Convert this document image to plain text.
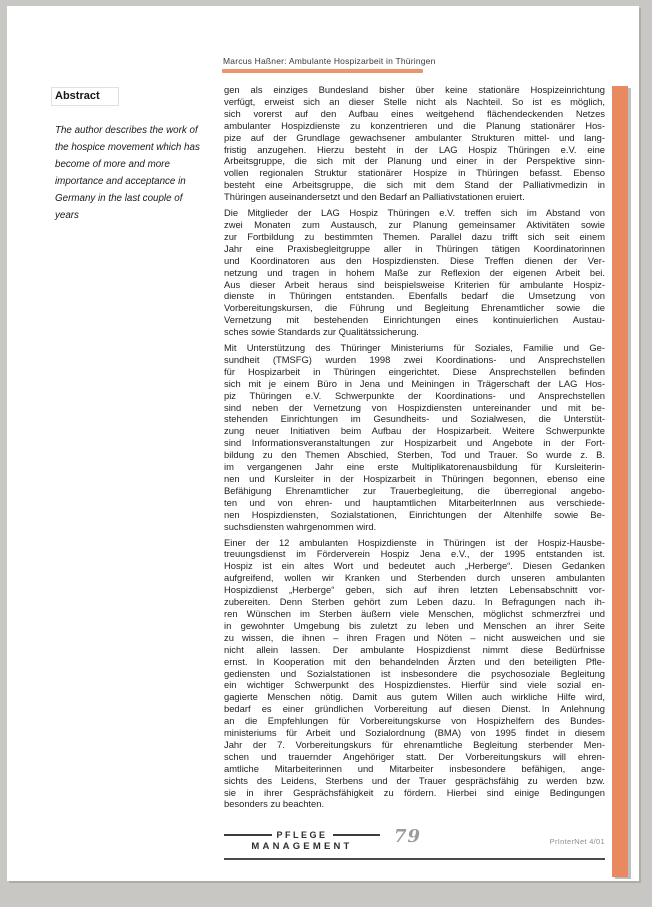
Marcus Haßner: Ambulante Hospizarbeit in Thüringen
Abstract

The author describes the work of the hospice movement which has become of more and more importance and acceptance in Germany in the last couple of years

gen als einziges Bundesland bisher über keine stationäre Hospizeinrichtung
verfügt, erweist sich an dieser Stelle nicht als Nachteil. So ist es möglich,
sich vorerst auf den Aufbau eines weitgehend flächendeckenden Netzes
ambulanter Hospizdienste zu konzentrieren und die Planung stationärer Hos-
pize auf der Grundlage gewachsener ambulanter Strukturen mittel- und lang-
fristig anzugehen. Hierzu besteht in der LAG Hospiz Thüringen e.V. eine
Arbeitsgruppe, die sich mit der Planung und einer in der Perspektive sinn-
vollen regionalen Struktur stationärer Hospize in Thüringen befasst. Ebenso
besteht eine Arbeitsgruppe, die sich mit dem Stand der Palliativmedizin in
Thüringen auseinandersetzt und den Bedarf an Palliativstationen eruiert.
Die Mitglieder der LAG Hospiz Thüringen e.V. treffen sich im Abstand von
zwei Monaten zum Austausch, zur Planung gemeinsamer Aktivitäten sowie
zur Fortbildung zu bestimmten Themen. Parallel dazu trifft sich seit einem
Jahr eine Praxisbegleitgruppe aller in Thüringen tätigen Koordinatorinnen
und Koordinatoren aus den Hospizdiensten. Diese Treffen dienen der Ver-
netzung und tragen in hohem Maße zur Reflexion der eigenen Arbeit bei.
Aus dieser Arbeit heraus sind beispielsweise Kriterien für ambulante Hospiz-
dienste in Thüringen entstanden. Ebenfalls bedarf die Umsetzung von
Vorbereitungskursen, die Führung und Begleitung Ehrenamtlicher sowie die
Vernetzung mit bestehenden Einrichtungen eines kontinuierlichen Austau-
sches sowie Standards zur Qualitätssicherung.
Mit Unterstützung des Thüringer Ministeriums für Soziales, Familie und Ge-
sundheit (TMSFG) wurden 1998 zwei Koordinations- und Ansprechstellen
für Hospizarbeit in Thüringen eingerichtet. Diese Ansprechstellen befinden
sich mit je einem Büro in Jena und Meiningen in Trägerschaft der LAG Hos-
piz Thüringen e.V. Schwerpunkte der Koordinations- und Ansprechstellen
sind neben der Vernetzung von Hospizdiensten untereinander und mit be-
stehenden Einrichtungen im Gesundheits- und Sozialwesen, die Unterstüt-
zung neuer Initiativen beim Aufbau der Hospizarbeit. Weitere Schwerpunkte
sind Informationsveranstaltungen zur Hospizarbeit und Angebote in der Fort-
bildung zu den Themen Abschied, Sterben, Tod und Trauer. So wurde z. B.
im vergangenen Jahr eine erste Multiplikatorenausbildung für Kursleiterin-
nen und Kursleiter in der Hospizarbeit in Thüringen begonnen, ebenso eine
Befähigung Ehrenamtlicher zur Trauerbegleitung, die überregional angebo-
ten und von ehren- und hauptamtlichen MitarbeiterInnen aus verschiede-
nen Hospizdiensten, Sozialstationen, Einrichtungen der Altenhilfe sowie Be-
suchsdiensten wahrgenommen wird.
Einer der 12 ambulanten Hospizdienste in Thüringen ist der Hospiz-Hausbe-
treuungsdienst im Förderverein Hospiz Jena e.V., der 1995 entstanden ist.
Hospiz ist ein altes Wort und bedeutet auch „Herberge“. Diesen Gedanken
aufgreifend, wollen wir Kranken und Sterbenden durch unseren ambulanten
Hospizdienst „Herberge“ geben, sich auf ihren letzten Lebensabschnitt vor-
zubereiten. Denn Sterben gehört zum Leben dazu. In Befragungen nach ih-
ren Wünschen im Sterben äußern viele Menschen, möglichst schmerzfrei und
in gewohnter Umgebung bis zuletzt zu leben und Menschen an ihrer Seite
zu wissen, die ihnen – ihren Fragen und Nöten – nicht ausweichen und sie
nicht allein lassen. Der ambulante Hospizdienst nimmt diese Bedürfnisse
ernst. In Kooperation mit den behandelnden Ärzten und den beteiligten Pfle-
gediensten und Sozialstationen ist insbesondere die psychosoziale Begleitung
ein wichtiger Schwerpunkt des Hospizdienstes. Hierfür sind viele sozial en-
gagierte Menschen nötig. Damit aus gutem Willen auch wirkliche Hilfe wird,
bedarf es einer gründlichen Vorbereitung auf diesen Dienst. In Anlehnung
an die Empfehlungen für Vorbereitungskurse von Hospizhelfern des Bundes-
ministeriums für Arbeit und Sozialordnung (BMA) von 1995 findet in diesem
Jahr der 7. Vorbereitungskurs für ehrenamtliche Begleitung sterbender Men-
schen und trauernder Angehöriger statt. Der Vorbereitungskurs will ehren-
amtliche Mitarbeiterinnen und Mitarbeiter insbesondere befähigen, ange-
sichts des Leidens, Sterbens und der Trauer gesprächsfähig zu werden bzw.
sie in ihrer Gesprächsfähigkeit zu fördern. Hierbei sind einige Bedingungen
besonders zu beachten.
PFLEGE
MANAGEMENT	79	PrInterNet 4/01
